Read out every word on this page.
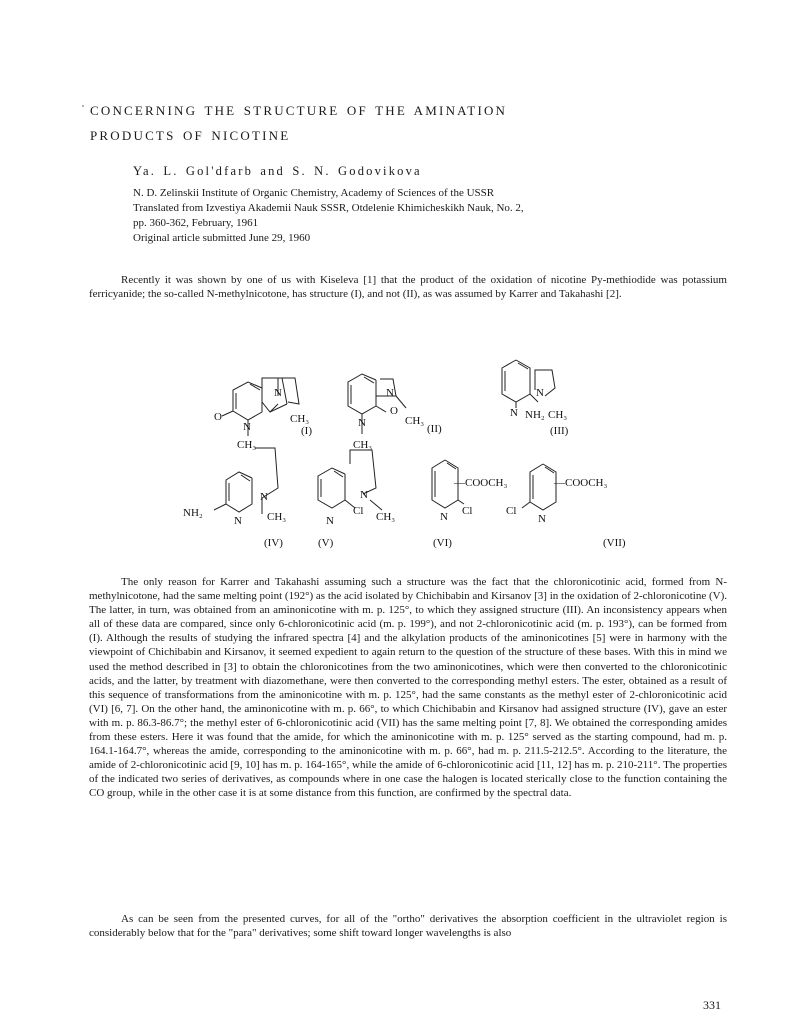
CONCERNING THE STRUCTURE OF THE AMINATION
PRODUCTS OF NICOTINE
Ya. L. Gol'dfarb and S. N. Godovikova
N. D. Zelinskii Institute of Organic Chemistry, Academy of Sciences of the USSR
Translated from Izvestiya Akademii Nauk SSSR, Otdelenie Khimicheskikh Nauk, No. 2,
pp. 360-362, February, 1961
Original article submitted June 29, 1960

Recently it was shown by one of us with Kiseleva [1] that the product of the oxidation of nicotine Py-methiodide was potassium ferricyanide; the so-called N-methylnicotone, has structure (I), and not (II), as was assumed by Karrer and Takahashi [2].

O
N
CH₃
N
CH₃	N
CH₃
O
N
CH₃
N
N NH₂ CH₃
NH₂
N
N
CH₃	N
Cl
N
CH₃	N Cl
—COOCH₃
Cl
N
—COOCH₃
(I)	(II)	(III)
(IV)	(V)	(VI)	(VII)

The only reason for Karrer and Takahashi assuming such a structure was the fact that the chloronicotinic acid, formed from N-methylnicotone, had the same melting point (192°) as the acid isolated by Chichibabin and Kirsanov [3] in the oxidation of 2-chloronicotine (V). The latter, in turn, was obtained from an aminonicotine with m. p. 125°, to which they assigned structure (III). An inconsistency appears when all of these data are compared, since only 6-chloronicotinic acid (m. p. 199°), and not 2-chloronicotinic acid (m. p. 193°), can be formed from (I). Although the results of studying the infrared spectra [4] and the alkylation products of the aminonicotines [5] were in harmony with the viewpoint of Chichibabin and Kirsanov, it seemed expedient to again return to the question of the structure of these bases. With this in mind we used the method described in [3] to obtain the chloronicotines from the two aminonicotines, which were then converted to the chloronicotinic acids, and the latter, by treatment with diazomethane, were then converted to the corresponding methyl esters. The ester, obtained as a result of this sequence of transformations from the aminonicotine with m. p. 125°, had the same constants as the methyl ester of 2-chloronicotinic acid (VI) [6, 7]. On the other hand, the aminonicotine with m. p. 66°, to which Chichibabin and Kirsanov had assigned structure (IV), gave an ester with m. p. 86.3-86.7°; the methyl ester of 6-chloronicotinic acid (VII) has the same melting point [7, 8]. We obtained the corresponding amides from these esters. Here it was found that the amide, for which the aminonicotine with m. p. 125° served as the starting compound, had m. p. 164.1-164.7°, whereas the amide, corresponding to the aminonicotine with m. p. 66°, had m. p. 211.5-212.5°. According to the literature, the amide of 2-chloronicotinic acid [9, 10] has m. p. 164-165°, while the amide of 6-chloronicotinic acid [11, 12] has m. p. 210-211°. The properties of the indicated two series of derivatives, as compounds where in one case the halogen is located sterically close to the function containing the CO group, while in the other case it is at some distance from this function, are confirmed by the spectral data.

As can be seen from the presented curves, for all of the "ortho" derivatives the absorption coefficient in the ultraviolet region is considerably below that for the "para" derivatives; some shift toward longer wavelengths is also

331
